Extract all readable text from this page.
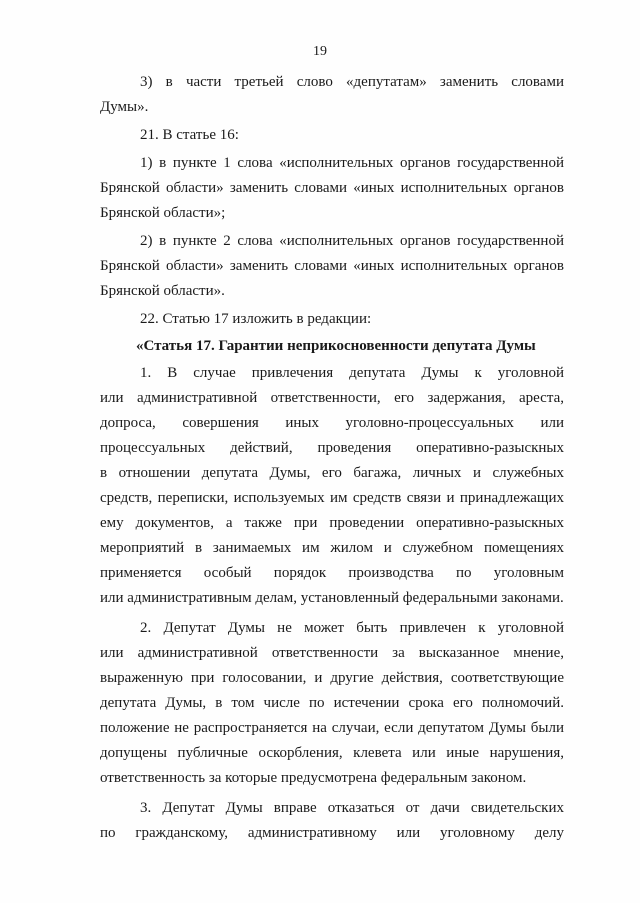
19
3) в части третьей слово «депутатам» заменить словами
Думы».
21. В статье 16:
1) в пункте 1 слова «исполнительных органов государственной
Брянской области» заменить словами «иных исполнительных органов
Брянской области»;
2) в пункте 2 слова «исполнительных органов государственной
Брянской области» заменить словами «иных исполнительных органов
Брянской области».
22. Статью 17 изложить в редакции:
«Статья 17. Гарантии неприкосновенности депутата Думы
1. В случае привлечения депутата Думы к уголовной
или административной ответственности, его задержания, ареста,
допроса, совершения иных уголовно-процессуальных или
процессуальных действий, проведения оперативно-разыскных
в отношении депутата Думы, его багажа, личных и служебных
средств, переписки, используемых им средств связи и принадлежащих
ему документов, а также при проведении оперативно-разыскных
мероприятий в занимаемых им жилом и служебном помещениях
применяется особый порядок производства по уголовным
или административным делам, установленный федеральными законами.
2. Депутат Думы не может быть привлечен к уголовной
или административной ответственности за высказанное мнение,
выраженную при голосовании, и другие действия, соответствующие
депутата Думы, в том числе по истечении срока его полномочий.
положение не распространяется на случаи, если депутатом Думы были
допущены публичные оскорбления, клевета или иные нарушения,
ответственность за которые предусмотрена федеральным законом.
3. Депутат Думы вправе отказаться от дачи свидетельских
по гражданскому, административному или уголовному делу
